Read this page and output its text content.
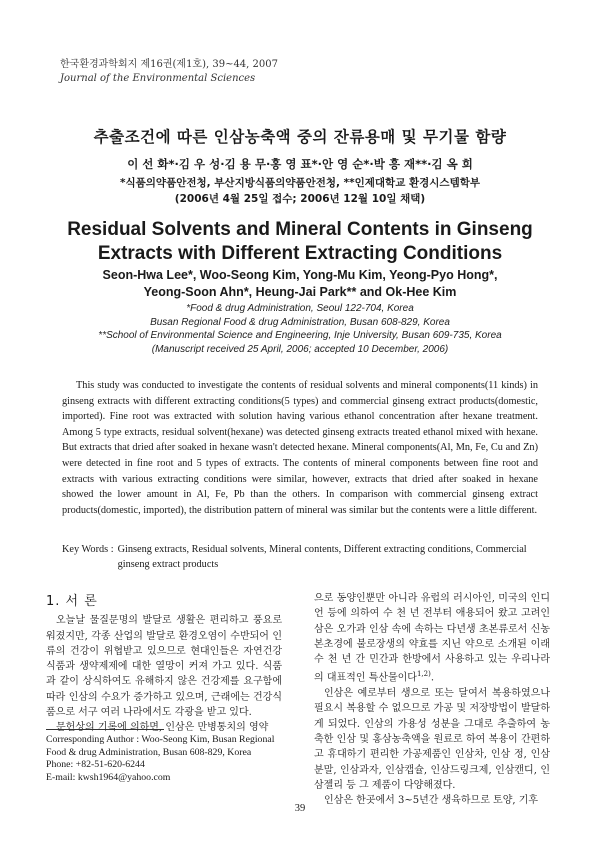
한국환경과학회지 제16권(제1호), 39~44, 2007
Journal of the Environmental Sciences
추출조건에 따른 인삼농축액 중의 잔류용매 및 무기물 함량
이 선 화*·김 우 성·김 용 무·홍 영 표*·안 영 순*·박 흥 재**·김 옥 희
*식품의약품안전청, 부산지방식품의약품안전청, **인제대학교 환경시스템학부
(2006년 4월 25일 접수; 2006년 12월 10일 채택)
Residual Solvents and Mineral Contents in Ginseng
Extracts with Different Extracting Conditions
Seon-Hwa Lee*, Woo-Seong Kim, Yong-Mu Kim, Yeong-Pyo Hong*,
Yeong-Soon Ahn*, Heung-Jai Park** and Ok-Hee Kim
*Food & drug Administration, Seoul 122-704, Korea
Busan Regional Food & drug Administration, Busan 608-829, Korea
**School of Environmental Science and Engineering, Inje University, Busan 609-735, Korea
(Manuscript received 25 April, 2006; accepted 10 December, 2006)

This study was conducted to investigate the contents of residual solvents and mineral components(11 kinds) in ginseng extracts with different extracting conditions(5 types) and commercial ginseng extract products(domestic, imported). Fine root was extracted with solution having various ethanol concentration after hexane treatment. Among 5 type extracts, residual solvent(hexane) was detected ginseng extracts treated ethanol mixed with hexane. But extracts that dried after soaked in hexane wasn't detected hexane. Mineral components(Al, Mn, Fe, Cu and Zn) were detected in fine root and 5 types of extracts. The contents of mineral components between fine root and extracts with various extracting conditions were similar, however, extracts that dried after soaked in hexane showed the lower amount in Al, Fe, Pb than the others. In comparison with commercial ginseng extract products(domestic, imported), the distribution pattern of mineral was similar but the contents were a little different.

Key Words : Ginseng extracts, Residual solvents, Mineral contents, Different extracting conditions, Commercial ginseng extract products
1. 서 론

오늘날 물질문명의 발달로 생활은 편리하고 풍요로워졌지만, 각종 산업의 발달로 환경오염이 수반되어 인류의 건강이 위협받고 있으므로 현대인들은 자연건강식품과 생약제제에 대한 열망이 커져 가고 있다. 식품과 같이 상식하여도 유해하지 않은 건강제를 요구함에 따라 인삼의 수요가 증가하고 있으며, 근래에는 건강식품으로 서구 여러 나라에서도 각광을 받고 있다.

문헌상의 기록에 의하면, 인삼은 만병통치의 영약

으로 동양인뿐만 아니라 유럽의 러시아인, 미국의 인디언 등에 의하여 수 천 년 전부터 애용되어 왔고 고려인삼은 오가과 인삼 속에 속하는 다년생 초본류로서 신농본초경에 불로장생의 약효를 지닌 약으로 소개된 이래 수 천 년 간 민간과 한방에서 사용하고 있는 우리나라의 대표적인 특산물이다$^{1,2)}$.

인삼은 예로부터 생으로 또는 달여서 복용하였으나 필요시 복용할 수 없으므로 가공 및 저장방법이 발달하게 되었다. 인삼의 가용성 성분을 그대로 추출하여 농축한 인삼 및 홍삼농축액을 원료로 하여 복용이 간편하고 휴대하기 편리한 가공제품인 인삼차, 인삼 정, 인삼분말, 인삼과자, 인삼캡슐, 인삼드링크제, 인삼캔디, 인삼젤리 등 그 제품이 다양해졌다.

인삼은 한곳에서 3~5년간 생육하므로 토양, 기후

Corresponding Author : Woo-Seong Kim, Busan Regional
Food & drug Administration, Busan 608-829, Korea
Phone: +82-51-620-6244
E-mail: kwsh1964@yahoo.com
39
